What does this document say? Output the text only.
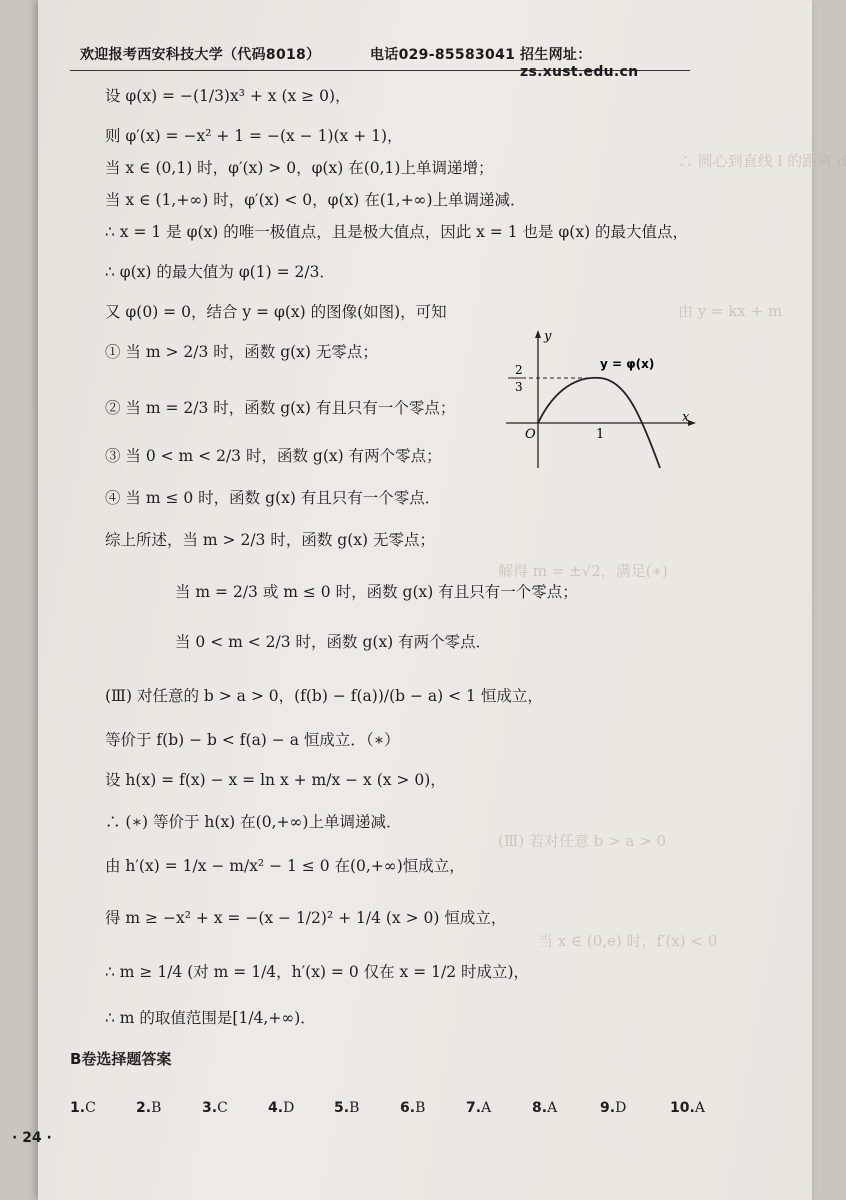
∴ 圆心到直线 l 的距离 d
由 y = kx + m
解得 m = ±√2，满足(∗)
(Ⅲ) 若对任意 b > a > 0
当 x ∈ (0,e) 时，f′(x) < 0
欢迎报考西安科技大学（代码8018）	电话029-85583041 招生网址：zs.xust.edu.cn
设 φ(x) = −(1/3)x³ + x (x ≥ 0)，
则 φ′(x) = −x² + 1 = −(x − 1)(x + 1)，
当 x ∈ (0,1) 时，φ′(x) > 0，φ(x) 在(0,1)上单调递增；
当 x ∈ (1,+∞) 时，φ′(x) < 0，φ(x) 在(1,+∞)上单调递减．
∴ x = 1 是 φ(x) 的唯一极值点，且是极大值点，因此 x = 1 也是 φ(x) 的最大值点，
∴ φ(x) 的最大值为 φ(1) = 2/3．
又 φ(0) = 0，结合 y = φ(x) 的图像(如图)，可知
① 当 m > 2/3 时，函数 g(x) 无零点；
② 当 m = 2/3 时，函数 g(x) 有且只有一个零点；
③ 当 0 < m < 2/3 时，函数 g(x) 有两个零点；
④ 当 m ≤ 0 时，函数 g(x) 有且只有一个零点．
综上所述，当 m > 2/3 时，函数 g(x) 无零点；
当 m = 2/3 或 m ≤ 0 时，函数 g(x) 有且只有一个零点；
当 0 < m < 2/3 时，函数 g(x) 有两个零点．
(Ⅲ) 对任意的 b > a > 0，(f(b) − f(a))/(b − a) < 1 恒成立，
等价于 f(b) − b < f(a) − a 恒成立．（∗）
设 h(x) = f(x) − x = ln x + m/x − x (x > 0)，
∴ (∗) 等价于 h(x) 在(0,+∞)上单调递减．
由 h′(x) = 1/x − m/x² − 1 ≤ 0 在(0,+∞)恒成立，
得 m ≥ −x² + x = −(x − 1/2)² + 1/4 (x > 0) 恒成立，
∴ m ≥ 1/4 (对 m = 1/4，h′(x) = 0 仅在 x = 1/2 时成立)，
∴ m 的取值范围是[1/4,+∞)．
y
x
O	1
2
3
y = φ(x)
B卷选择题答案
1.C	2.B	3.C	4.D	5.B	6.B	7.A	8.A	9.D	10.A
· 24 ·
